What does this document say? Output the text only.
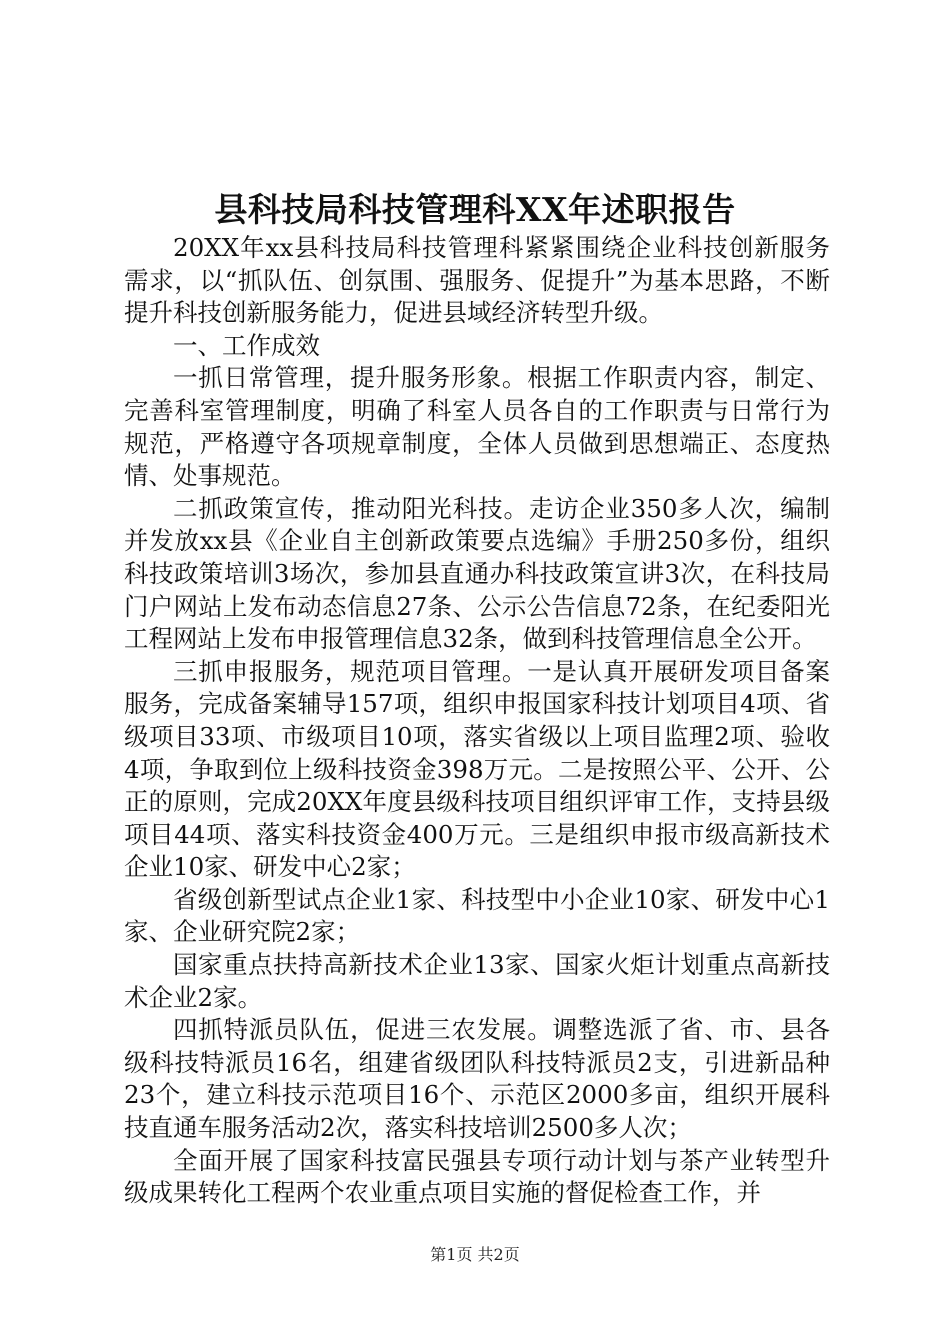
县科技局科技管理科XX年述职报告

20XX年xx县科技局科技管理科紧紧围绕企业科技创新服务需求，以“抓队伍、创氛围、强服务、促提升”为基本思路，不断提升科技创新服务能力，促进县域经济转型升级。

一、工作成效

一抓日常管理，提升服务形象。根据工作职责内容，制定、完善科室管理制度，明确了科室人员各自的工作职责与日常行为规范，严格遵守各项规章制度，全体人员做到思想端正、态度热情、处事规范。

二抓政策宣传，推动阳光科技。走访企业350多人次，编制并发放xx县《企业自主创新政策要点选编》手册250多份，组织科技政策培训3场次，参加县直通办科技政策宣讲3次，在科技局门户网站上发布动态信息27条、公示公告信息72条，在纪委阳光工程网站上发布申报管理信息32条，做到科技管理信息全公开。

三抓申报服务，规范项目管理。一是认真开展研发项目备案服务，完成备案辅导157项，组织申报国家科技计划项目4项、省级项目33项、市级项目10项，落实省级以上项目监理2项、验收4项，争取到位上级科技资金398万元。二是按照公平、公开、公正的原则，完成20XX年度县级科技项目组织评审工作，支持县级项目44项、落实科技资金400万元。三是组织申报市级高新技术企业10家、研发中心2家；

省级创新型试点企业1家、科技型中小企业10家、研发中心1家、企业研究院2家；

国家重点扶持高新技术企业13家、国家火炬计划重点高新技术企业2家。

四抓特派员队伍，促进三农发展。调整选派了省、市、县各级科技特派员16名，组建省级团队科技特派员2支，引进新品种23个，建立科技示范项目16个、示范区2000多亩，组织开展科技直通车服务活动2次，落实科技培训2500多人次；

全面开展了国家科技富民强县专项行动计划与茶产业转型升级成果转化工程两个农业重点项目实施的督促检查工作，并

第1页 共2页
